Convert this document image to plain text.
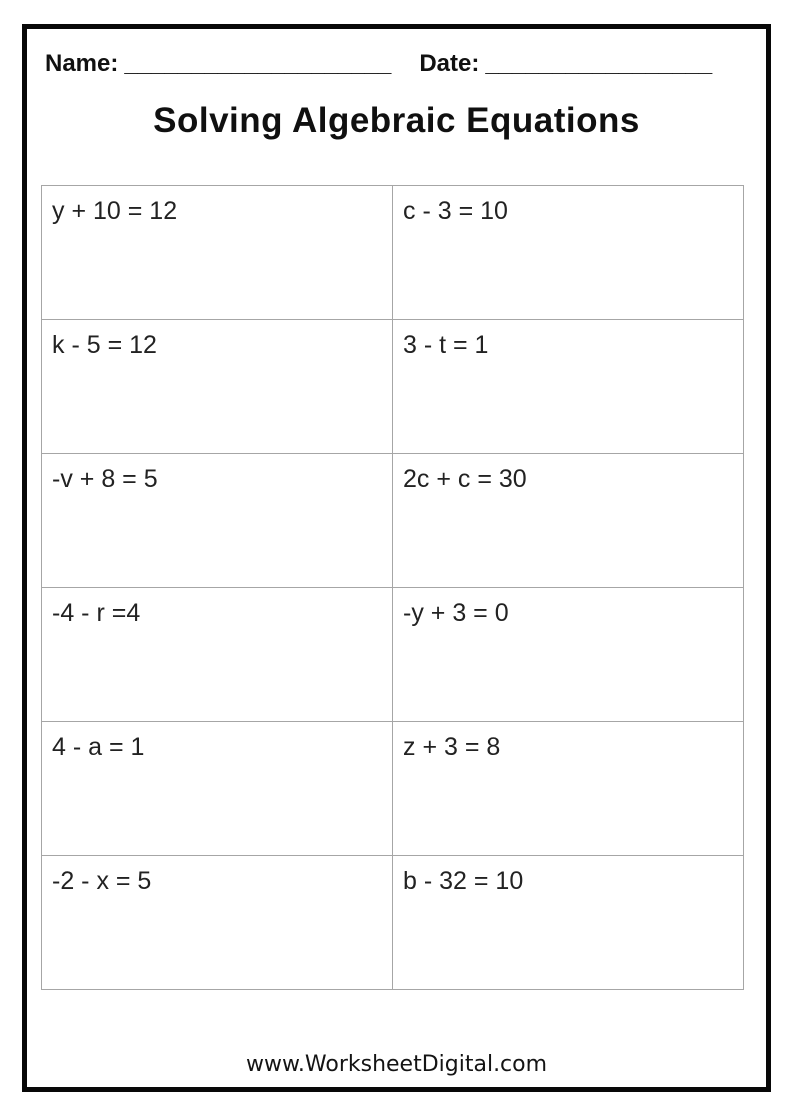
Name: ____________________ Date: _________________
Solving Algebraic Equations
y + 10 = 12	c - 3 = 10
k - 5 = 12	3 - t = 1
-v + 8 = 5	2c + c = 30
-4 - r =4	-y + 3 = 0
4 - a = 1	z + 3 = 8
-2 - x = 5	b - 32 = 10
www.WorksheetDigital.com
